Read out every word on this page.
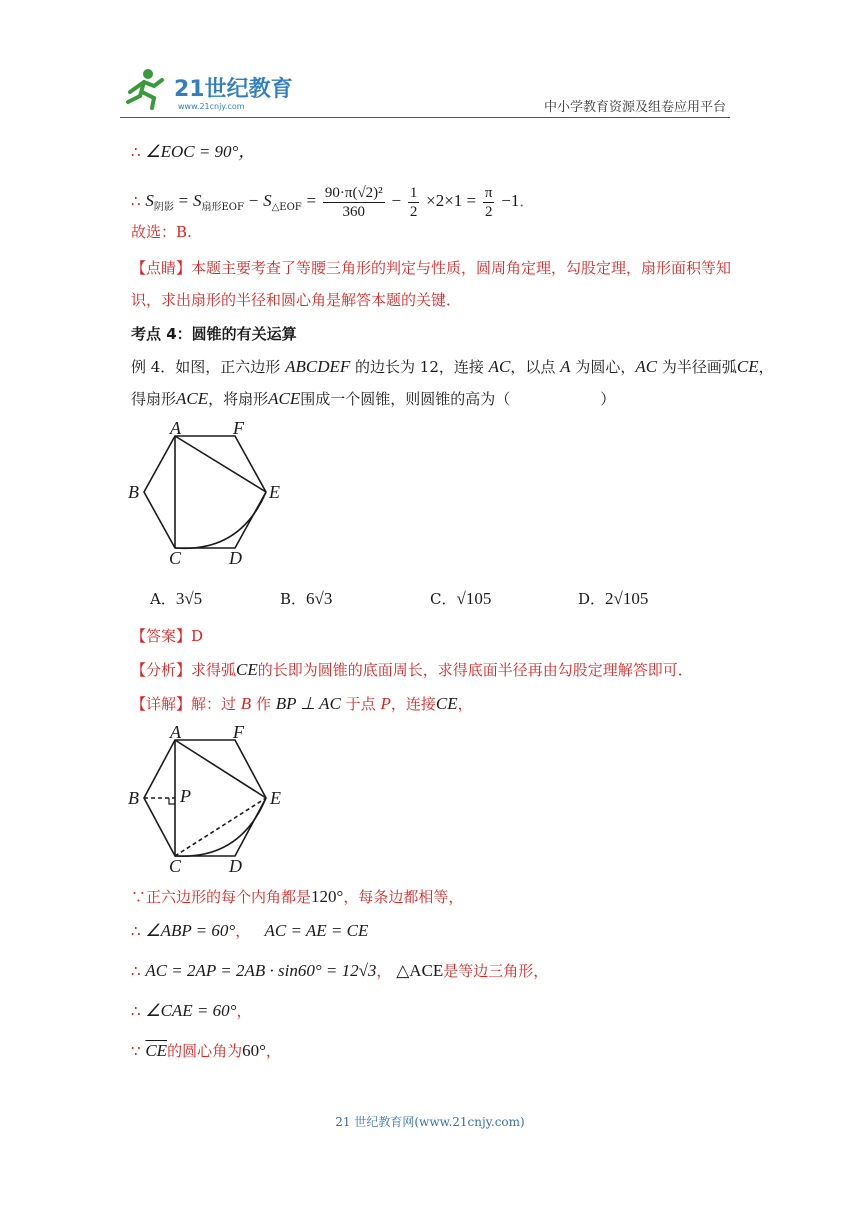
21世纪教育
www.21cnjy.com	中小学教育资源及组卷应用平台
∴ ∠EOC = 90°，
∴ $S_{阴影} = S_{扇形EOF} - S_{\triangle EOF} = \frac{\text{90·π(√2)²}}{360} - \frac{1}{2} \times 2\times 1 = \frac{\pi}{2} -1$．
故选：B.
【点睛】本题主要考查了等腰三角形的判定与性质，圆周角定理，勾股定理，扇形面积等知
识，求出扇形的半径和圆心角是解答本题的关键．
考点 4：圆锥的有关运算
例 4．如图，正六边形 ABCDEF 的边长为 12，连接 AC，以点 A 为圆心，AC 为半径画弧CE，
得扇形ACE，将扇形ACE围成一个圆锥，则圆锥的高为（	）
A	F
B	E
C	D
A．3√5	B．6√3	C．√105	D．2√105
【答案】D
【分析】求得弧CE的长即为圆锥的底面周长，求得底面半径再由勾股定理解答即可．
【详解】解：过 B 作 BP ⊥ AC 于点 P，连接CE，
A	F
B P	E
C	D
∵正六边形的每个内角都是120°，每条边都相等，
∴ ∠ABP = 60°， AC = AE = CE
∴ AC = 2AP = 2AB · sin60° = 12√3， △ACE是等边三角形，
∴ ∠CAE = 60°，
∵ $\overline{CE}$的圆心角为60°，
21 世纪教育网(www.21cnjy.com)
